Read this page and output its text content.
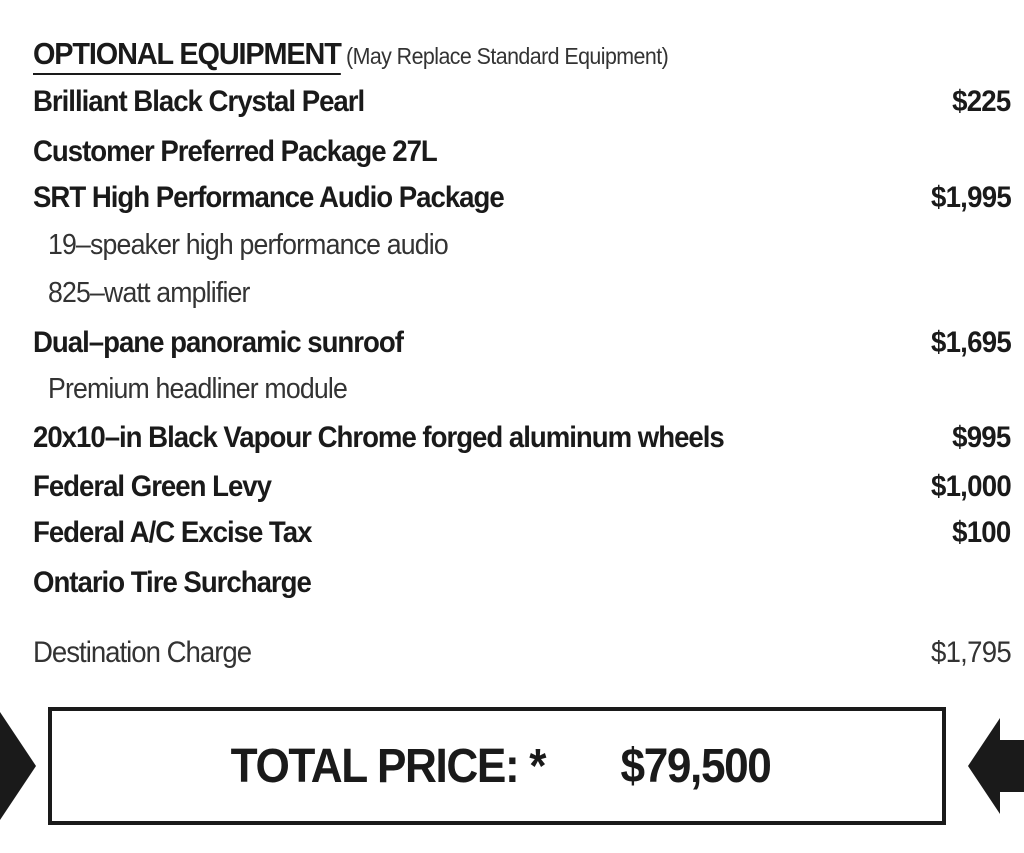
OPTIONAL EQUIPMENT (May Replace Standard Equipment)
Brilliant Black Crystal Pearl	$225
Customer Preferred Package 27L
SRT High Performance Audio Package	$1,995
19–speaker high performance audio
825–watt amplifier
Dual–pane panoramic sunroof	$1,695
Premium headliner module
20x10–in Black Vapour Chrome forged aluminum wheels	$995
Federal Green Levy	$1,000
Federal A/C Excise Tax	$100
Ontario Tire Surcharge
Destination Charge	$1,795
TOTAL PRICE: * $79,500
